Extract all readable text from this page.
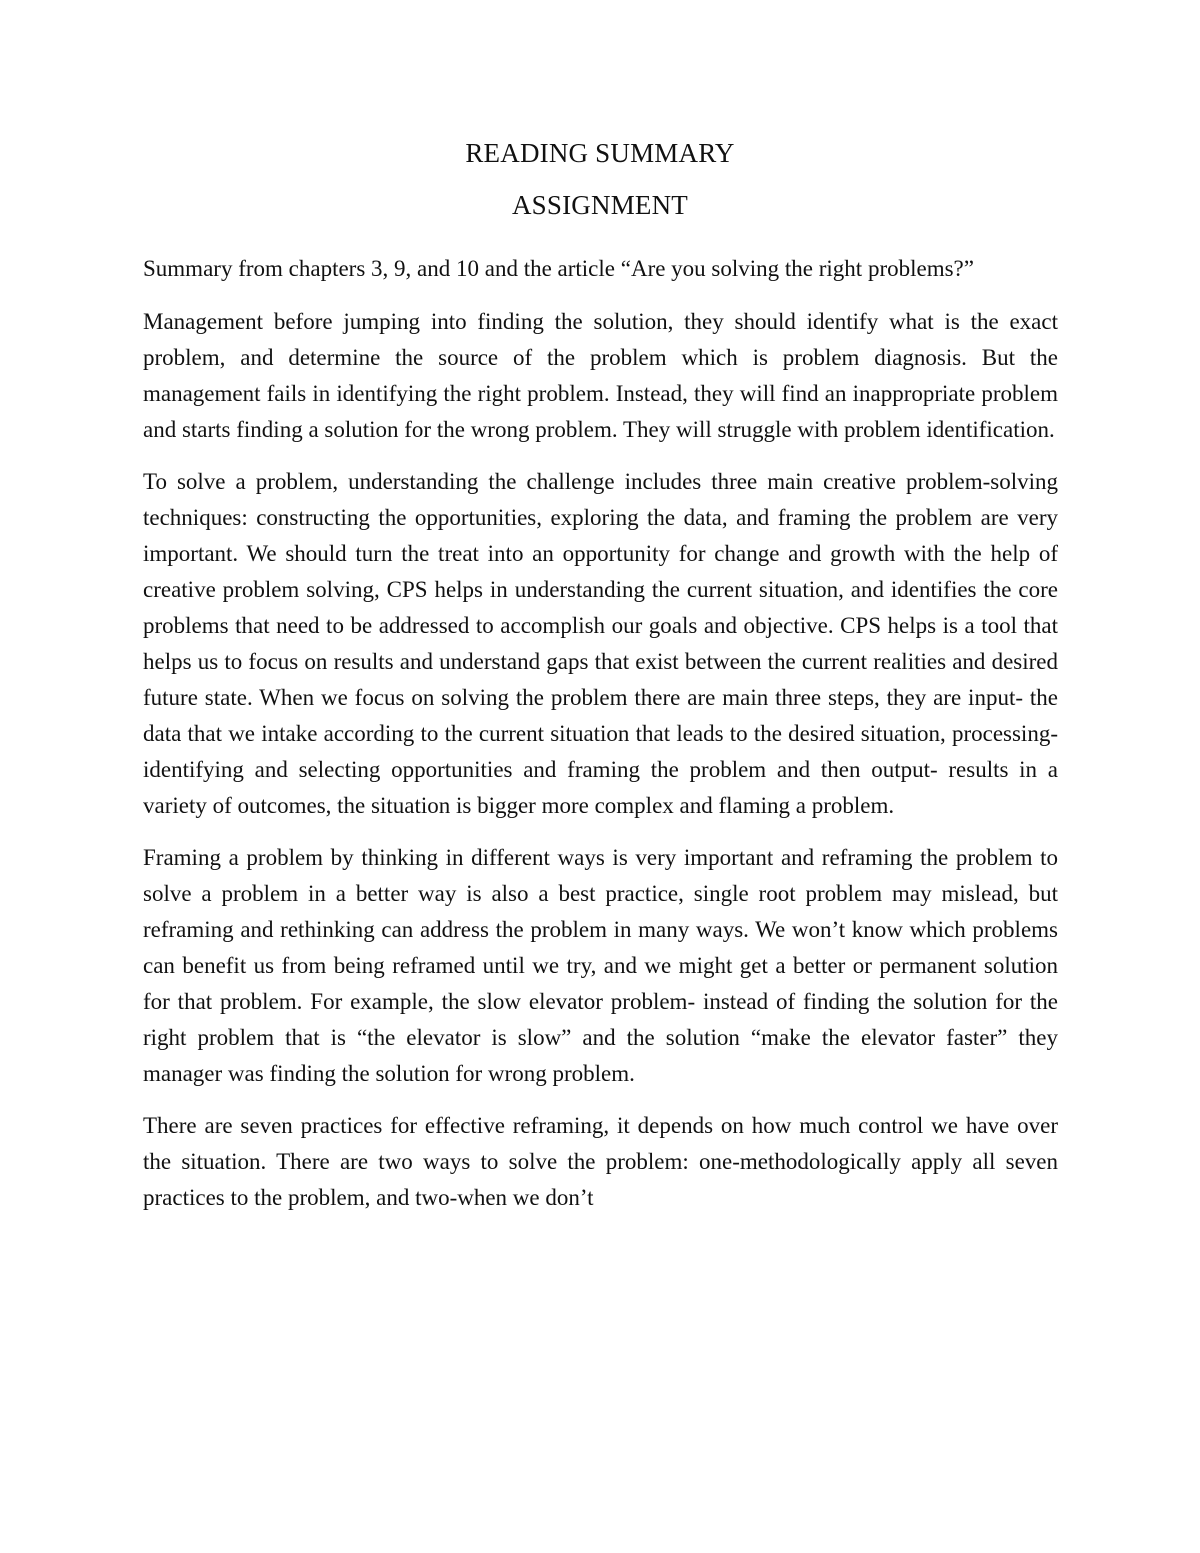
READING SUMMARY
ASSIGNMENT

Summary from chapters 3, 9, and 10 and the article “Are you solving the right problems?”

Management before jumping into finding the solution, they should identify what is the exact problem, and determine the source of the problem which is problem diagnosis. But the management fails in identifying the right problem. Instead, they will find an inappropriate problem and starts finding a solution for the wrong problem. They will struggle with problem identification.

To solve a problem, understanding the challenge includes three main creative problem-solving techniques: constructing the opportunities, exploring the data, and framing the problem are very important. We should turn the treat into an opportunity for change and growth with the help of creative problem solving, CPS helps in understanding the current situation, and identifies the core problems that need to be addressed to accomplish our goals and objective. CPS helps is a tool that helps us to focus on results and understand gaps that exist between the current realities and desired future state. When we focus on solving the problem there are main three steps, they are input- the data that we intake according to the current situation that leads to the desired situation, processing- identifying and selecting opportunities and framing the problem and then output- results in a variety of outcomes, the situation is bigger more complex and flaming a problem.

Framing a problem by thinking in different ways is very important and reframing the problem to solve a problem in a better way is also a best practice, single root problem may mislead, but reframing and rethinking can address the problem in many ways. We won’t know which problems can benefit us from being reframed until we try, and we might get a better or permanent solution for that problem. For example, the slow elevator problem- instead of finding the solution for the right problem that is “the elevator is slow” and the solution “make the elevator faster” they manager was finding the solution for wrong problem.

There are seven practices for effective reframing, it depends on how much control we have over the situation. There are two ways to solve the problem: one-methodologically apply all seven practices to the problem, and two-when we don’t
